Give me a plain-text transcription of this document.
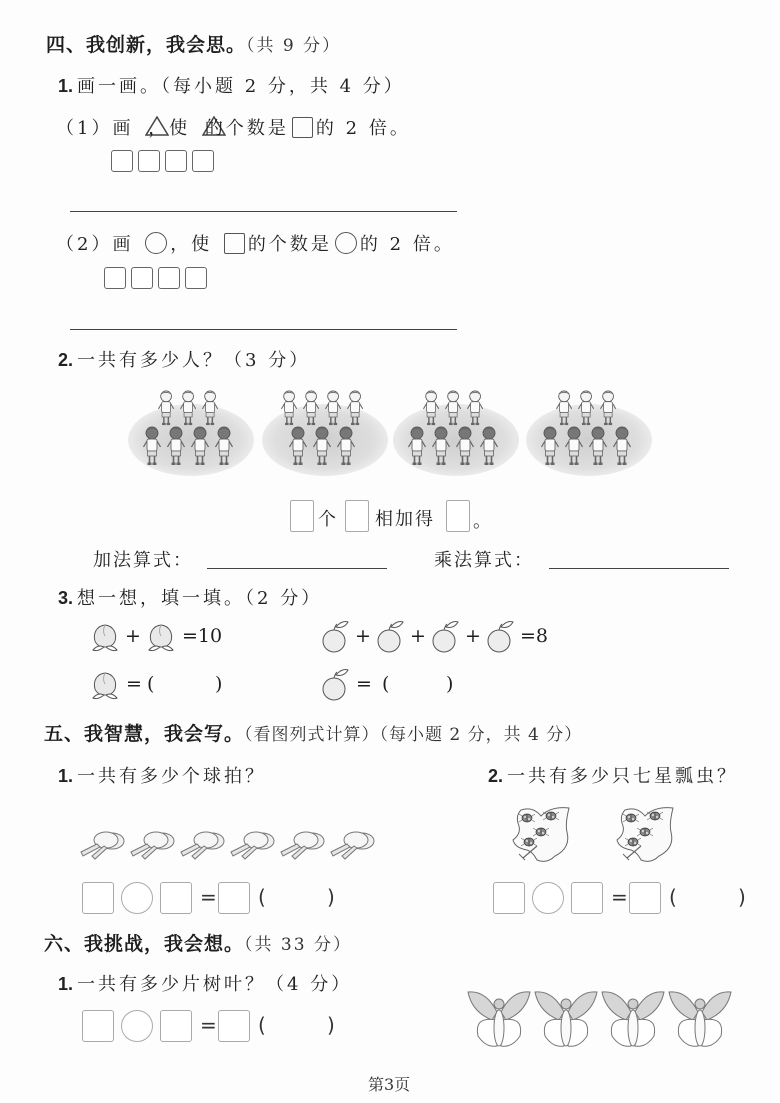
四、我创新，我会思。（共 9 分）
1. 画一画。（每小题 2 分，共 4 分）
（1）画 ，使 的个数是 的 2 倍。
（2）画 ，使 的个数是 的 2 倍。
2. 一共有多少人？（3 分）
个 相加得 。
加法算式：	乘法算式：
3. 想一想，填一填。（2 分）
+ =10
= (	)
+ + + =8
= (	)
五、我智慧，我会写。（看图列式计算）（每小题 2 分，共 4 分）
1. 一共有多少个球拍？	2. 一共有多少只七星瓢虫？
六、我挑战，我会想。（共 33 分）
1. 一共有多少片树叶？（4 分）
= (	)	= (	)
= (	)
第3页
